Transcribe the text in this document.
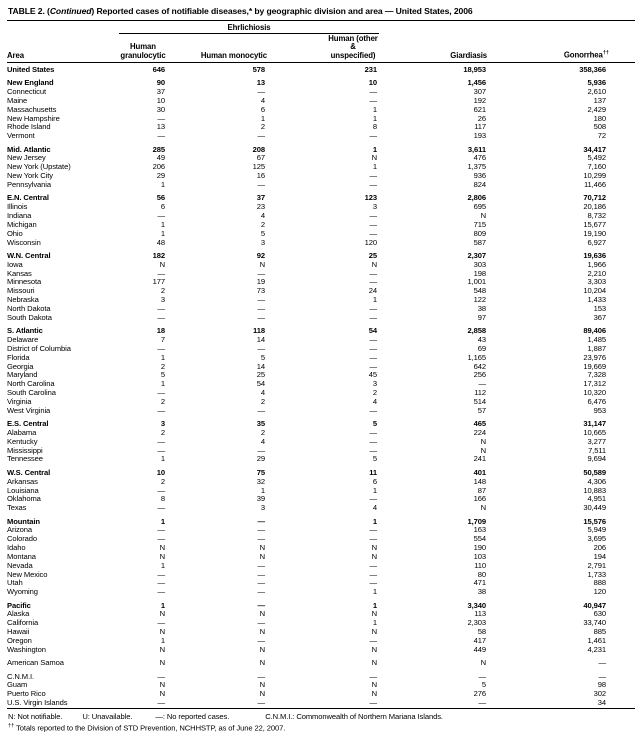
TABLE 2. (Continued) Reported cases of notifiable diseases,* by geographic division and area — United States, 2006
	Ehrlichiosis				
Area	Human granulocytic	Human monocytic	Human (other & unspecified)	Giardiasis	Gonorrhea††
United States	646	578	231	18,953	358,366

New England	90	13	10	1,456	5,936
Connecticut	37	—	—	307	2,610
Maine	10	4	—	192	137
Massachusetts	30	6	1	621	2,429
New Hampshire	—	1	1	26	180
Rhode Island	13	2	8	117	508
Vermont	—	—	—	193	72

Mid. Atlantic	285	208	1	3,611	34,417
New Jersey	49	67	N	476	5,492
New York (Upstate)	206	125	1	1,375	7,160
New York City	29	16	—	936	10,299
Pennsylvania	1	—	—	824	11,466

E.N. Central	56	37	123	2,806	70,712
Illinois	6	23	3	695	20,186
Indiana	—	4	—	N	8,732
Michigan	1	2	—	715	15,677
Ohio	1	5	—	809	19,190
Wisconsin	48	3	120	587	6,927

W.N. Central	182	92	25	2,307	19,636
Iowa	N	N	N	303	1,966
Kansas	—	—	—	198	2,210
Minnesota	177	19	—	1,001	3,303
Missouri	2	73	24	548	10,204
Nebraska	3	—	1	122	1,433
North Dakota	—	—	—	38	153
South Dakota	—	—	—	97	367

S. Atlantic	18	118	54	2,858	89,406
Delaware	7	14	—	43	1,485
District of Columbia	—	—	—	69	1,887
Florida	1	5	—	1,165	23,976
Georgia	2	14	—	642	19,669
Maryland	5	25	45	256	7,328
North Carolina	1	54	3	—	17,312
South Carolina	—	4	2	112	10,320
Virginia	2	2	4	514	6,476
West Virginia	—	—	—	57	953

E.S. Central	3	35	5	465	31,147
Alabama	2	2	—	224	10,665
Kentucky	—	4	—	N	3,277
Mississippi	—	—	—	N	7,511
Tennessee	1	29	5	241	9,694

W.S. Central	10	75	11	401	50,589
Arkansas	2	32	6	148	4,306
Louisiana	—	1	1	87	10,883
Oklahoma	8	39	—	166	4,951
Texas	—	3	4	N	30,449

Mountain	1	—	1	1,709	15,576
Arizona	—	—	—	163	5,949
Colorado	—	—	—	554	3,695
Idaho	N	N	N	190	206
Montana	N	N	N	103	194
Nevada	1	—	—	110	2,791
New Mexico	—	—	—	80	1,733
Utah	—	—	—	471	888
Wyoming	—	—	1	38	120

Pacific	1	—	1	3,340	40,947
Alaska	N	N	N	113	630
California	—	—	1	2,303	33,740
Hawaii	N	N	N	58	885
Oregon	1	—	—	417	1,461
Washington	N	N	N	449	4,231

American Samoa	N	N	N	N	—

C.N.M.I.	—	—	—	—	—
Guam	N	N	N	5	98
Puerto Rico	N	N	N	276	302
U.S. Virgin Islands	—	—	—	—	34
N: Not notifiable.	U: Unavailable.	—: No reported cases.	C.N.M.I.: Commonwealth of Northern Mariana Islands.
†† Totals reported to the Division of STD Prevention, NCHHSTP, as of June 22, 2007.
